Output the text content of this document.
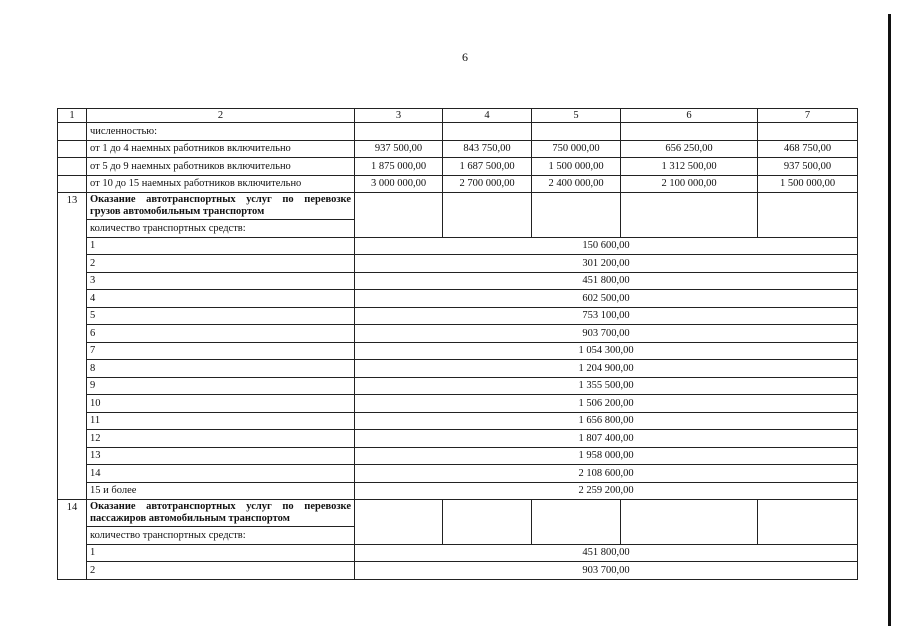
6
1	2	3	4	5	6	7
	численностью:					
	от 1 до 4 наемных работников включительно	937 500,00	843 750,00	750 000,00	656 250,00	468 750,00
	от 5 до 9 наемных работников включительно	1 875 000,00	1 687 500,00	1 500 000,00	1 312 500,00	937 500,00
	от 10 до 15 наемных работников включительно	3 000 000,00	2 700 000,00	2 400 000,00	2 100 000,00	1 500 000,00
13	Оказание автотранспортных услуг по перевозке грузов автомобильным транспортом					
	количество транспортных средств:					
	1	150 600,00				
	2	301 200,00				
	3	451 800,00				
	4	602 500,00				
	5	753 100,00				
	6	903 700,00				
	7	1 054 300,00				
	8	1 204 900,00				
	9	1 355 500,00				
	10	1 506 200,00				
	11	1 656 800,00				
	12	1 807 400,00				
	13	1 958 000,00				
	14	2 108 600,00				
	15 и более	2 259 200,00				
14	Оказание автотранспортных услуг по перевозке пассажиров автомобильным транспортом					
	количество транспортных средств:					
	1	451 800,00				
	2	903 700,00				
